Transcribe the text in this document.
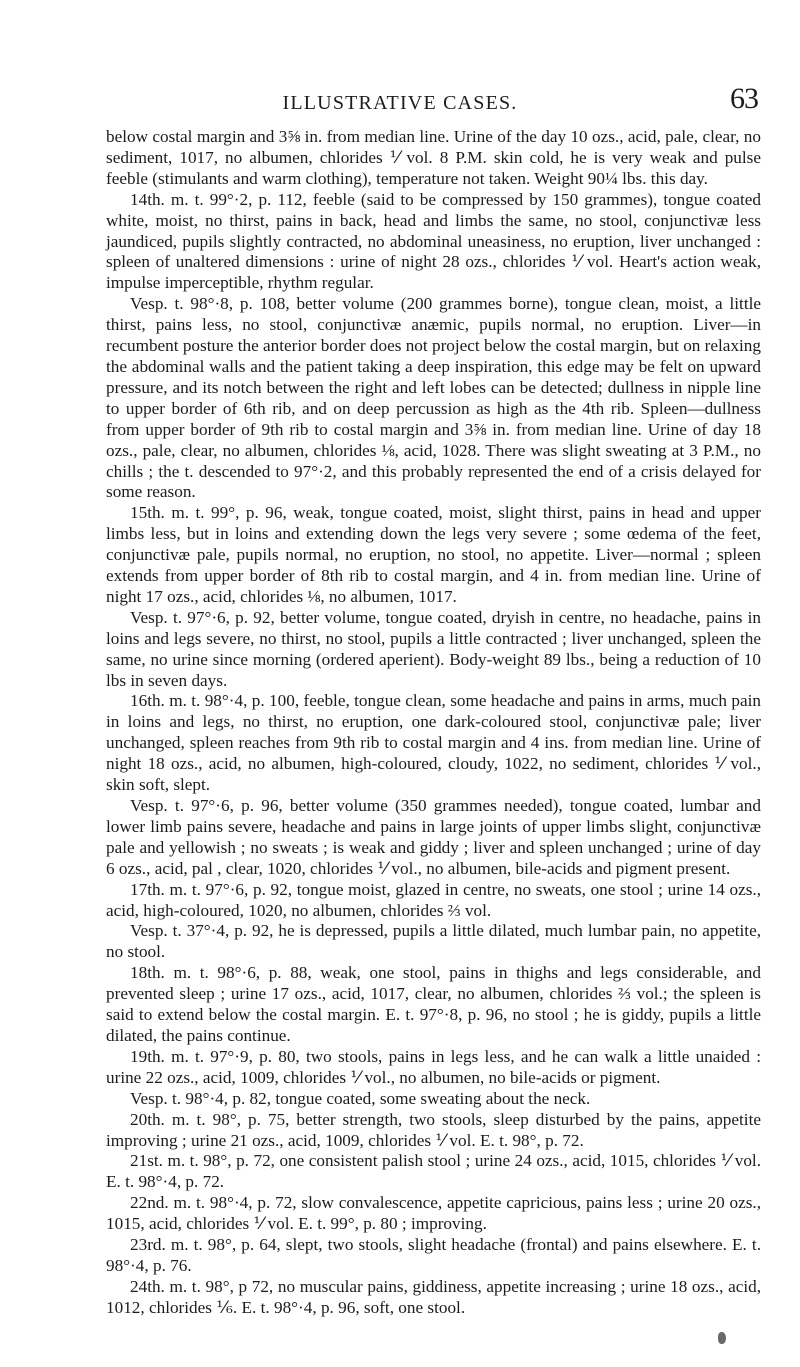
ILLUSTRATIVE CASES.	63

below costal margin and 3⅝ in. from median line. Urine of the day 10 ozs., acid, pale, clear, no sediment, 1017, no albumen, chlorides ⅟ vol. 8 P.M. skin cold, he is very weak and pulse feeble (stimulants and warm clothing), temperature not taken. Weight 90¼ lbs. this day.

14th. m. t. 99°·2, p. 112, feeble (said to be compressed by 150 grammes), tongue coated white, moist, no thirst, pains in back, head and limbs the same, no stool, conjunctivæ less jaundiced, pupils slightly contracted, no abdominal uneasiness, no eruption, liver unchanged : spleen of unaltered dimensions : urine of night 28 ozs., chlorides ⅟ vol. Heart's action weak, impulse imperceptible, rhythm regular.

Vesp. t. 98°·8, p. 108, better volume (200 grammes borne), tongue clean, moist, a little thirst, pains less, no stool, conjunctivæ anæmic, pupils normal, no eruption. Liver—in recumbent posture the anterior border does not project below the costal margin, but on relaxing the abdominal walls and the patient taking a deep inspiration, this edge may be felt on upward pressure, and its notch between the right and left lobes can be detected; dullness in nipple line to upper border of 6th rib, and on deep percussion as high as the 4th rib. Spleen—dullness from upper border of 9th rib to costal margin and 3⅝ in. from median line. Urine of day 18 ozs., pale, clear, no albumen, chlorides ⅛, acid, 1028. There was slight sweating at 3 P.M., no chills ; the t. descended to 97°·2, and this probably represented the end of a crisis delayed for some reason.

15th. m. t. 99°, p. 96, weak, tongue coated, moist, slight thirst, pains in head and upper limbs less, but in loins and extending down the legs very severe ; some œdema of the feet, conjunctivæ pale, pupils normal, no eruption, no stool, no appetite. Liver—normal ; spleen extends from upper border of 8th rib to costal margin, and 4 in. from median line. Urine of night 17 ozs., acid, chlorides ⅛, no albumen, 1017.

Vesp. t. 97°·6, p. 92, better volume, tongue coated, dryish in centre, no headache, pains in loins and legs severe, no thirst, no stool, pupils a little contracted ; liver unchanged, spleen the same, no urine since morning (ordered aperient). Body-weight 89 lbs., being a reduction of 10 lbs in seven days.

16th. m. t. 98°·4, p. 100, feeble, tongue clean, some headache and pains in arms, much pain in loins and legs, no thirst, no eruption, one dark-coloured stool, conjunctivæ pale; liver unchanged, spleen reaches from 9th rib to costal margin and 4 ins. from median line. Urine of night 18 ozs., acid, no albumen, high-coloured, cloudy, 1022, no sediment, chlorides ⅟ vol., skin soft, slept.

Vesp. t. 97°·6, p. 96, better volume (350 grammes needed), tongue coated, lumbar and lower limb pains severe, headache and pains in large joints of upper limbs slight, conjunctivæ pale and yellowish ; no sweats ; is weak and giddy ; liver and spleen unchanged ; urine of day 6 ozs., acid, pal , clear, 1020, chlorides ⅟ vol., no albumen, bile-acids and pigment present.

17th. m. t. 97°·6, p. 92, tongue moist, glazed in centre, no sweats, one stool ; urine 14 ozs., acid, high-coloured, 1020, no albumen, chlorides ⅔ vol.

Vesp. t. 37°·4, p. 92, he is depressed, pupils a little dilated, much lumbar pain, no appetite, no stool.

18th. m. t. 98°·6, p. 88, weak, one stool, pains in thighs and legs considerable, and prevented sleep ; urine 17 ozs., acid, 1017, clear, no albumen, chlorides ⅔ vol.; the spleen is said to extend below the costal margin. E. t. 97°·8, p. 96, no stool ; he is giddy, pupils a little dilated, the pains continue.

19th. m. t. 97°·9, p. 80, two stools, pains in legs less, and he can walk a little unaided : urine 22 ozs., acid, 1009, chlorides ⅟ vol., no albumen, no bile-acids or pigment.

Vesp. t. 98°·4, p. 82, tongue coated, some sweating about the neck.

20th. m. t. 98°, p. 75, better strength, two stools, sleep disturbed by the pains, appetite improving ; urine 21 ozs., acid, 1009, chlorides ⅟ vol. E. t. 98°, p. 72.

21st. m. t. 98°, p. 72, one consistent palish stool ; urine 24 ozs., acid, 1015, chlorides ⅟ vol. E. t. 98°·4, p. 72.

22nd. m. t. 98°·4, p. 72, slow convalescence, appetite capricious, pains less ; urine 20 ozs., 1015, acid, chlorides ⅟ vol. E. t. 99°, p. 80 ; improving.

23rd. m. t. 98°, p. 64, slept, two stools, slight headache (frontal) and pains elsewhere. E. t. 98°·4, p. 76.

24th. m. t. 98°, p 72, no muscular pains, giddiness, appetite increasing ; urine 18 ozs., acid, 1012, chlorides ⅙. E. t. 98°·4, p. 96, soft, one stool.
